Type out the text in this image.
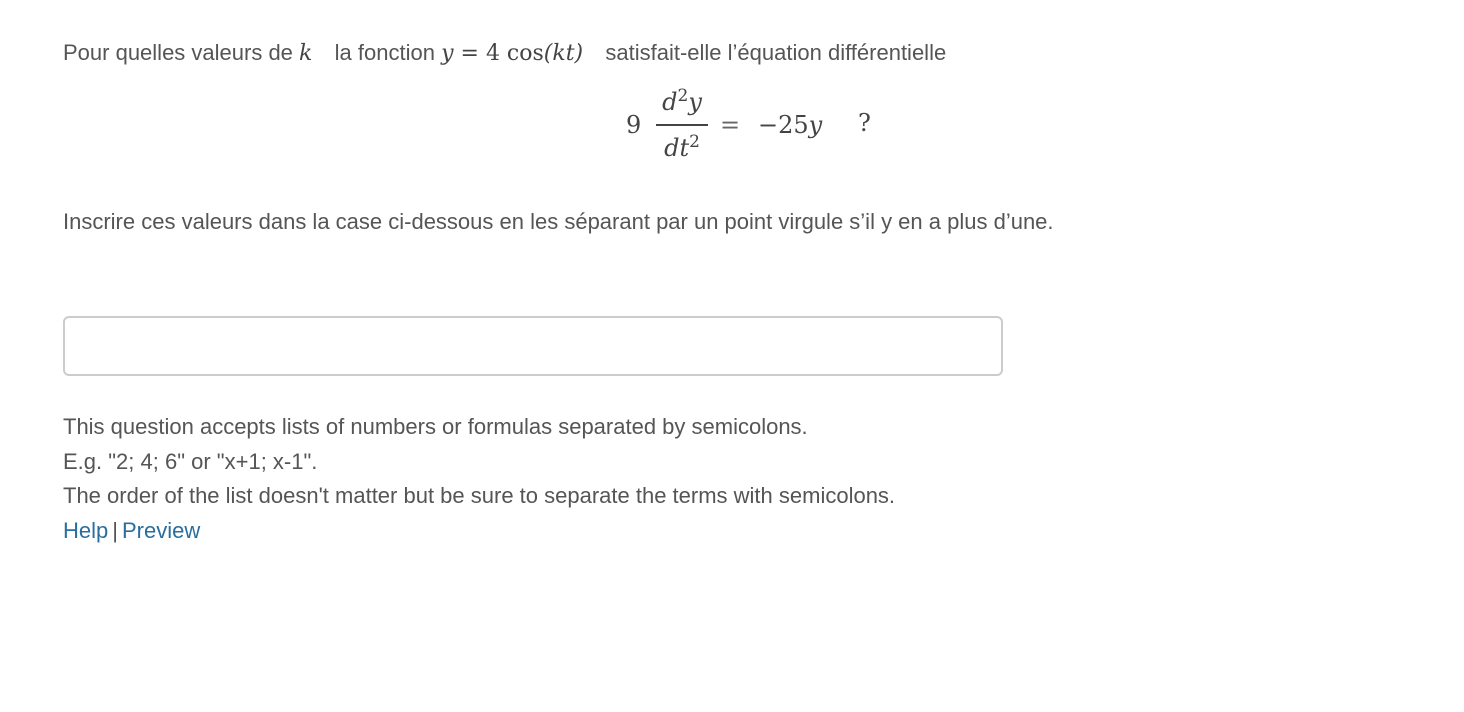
Pour quelles valeurs de k la fonction y = 4 cos(kt) satisfait-elle l’équation différentielle
9
$d^2y$
$dt^2$
= −25y ?
Inscrire ces valeurs dans la case ci-dessous en les séparant par un point virgule s’il y en a plus d’une.
This question accepts lists of numbers or formulas separated by semicolons.
E.g. "2; 4; 6" or "x+1; x-1".
The order of the list doesn't matter but be sure to separate the terms with semicolons.
Help | Preview
